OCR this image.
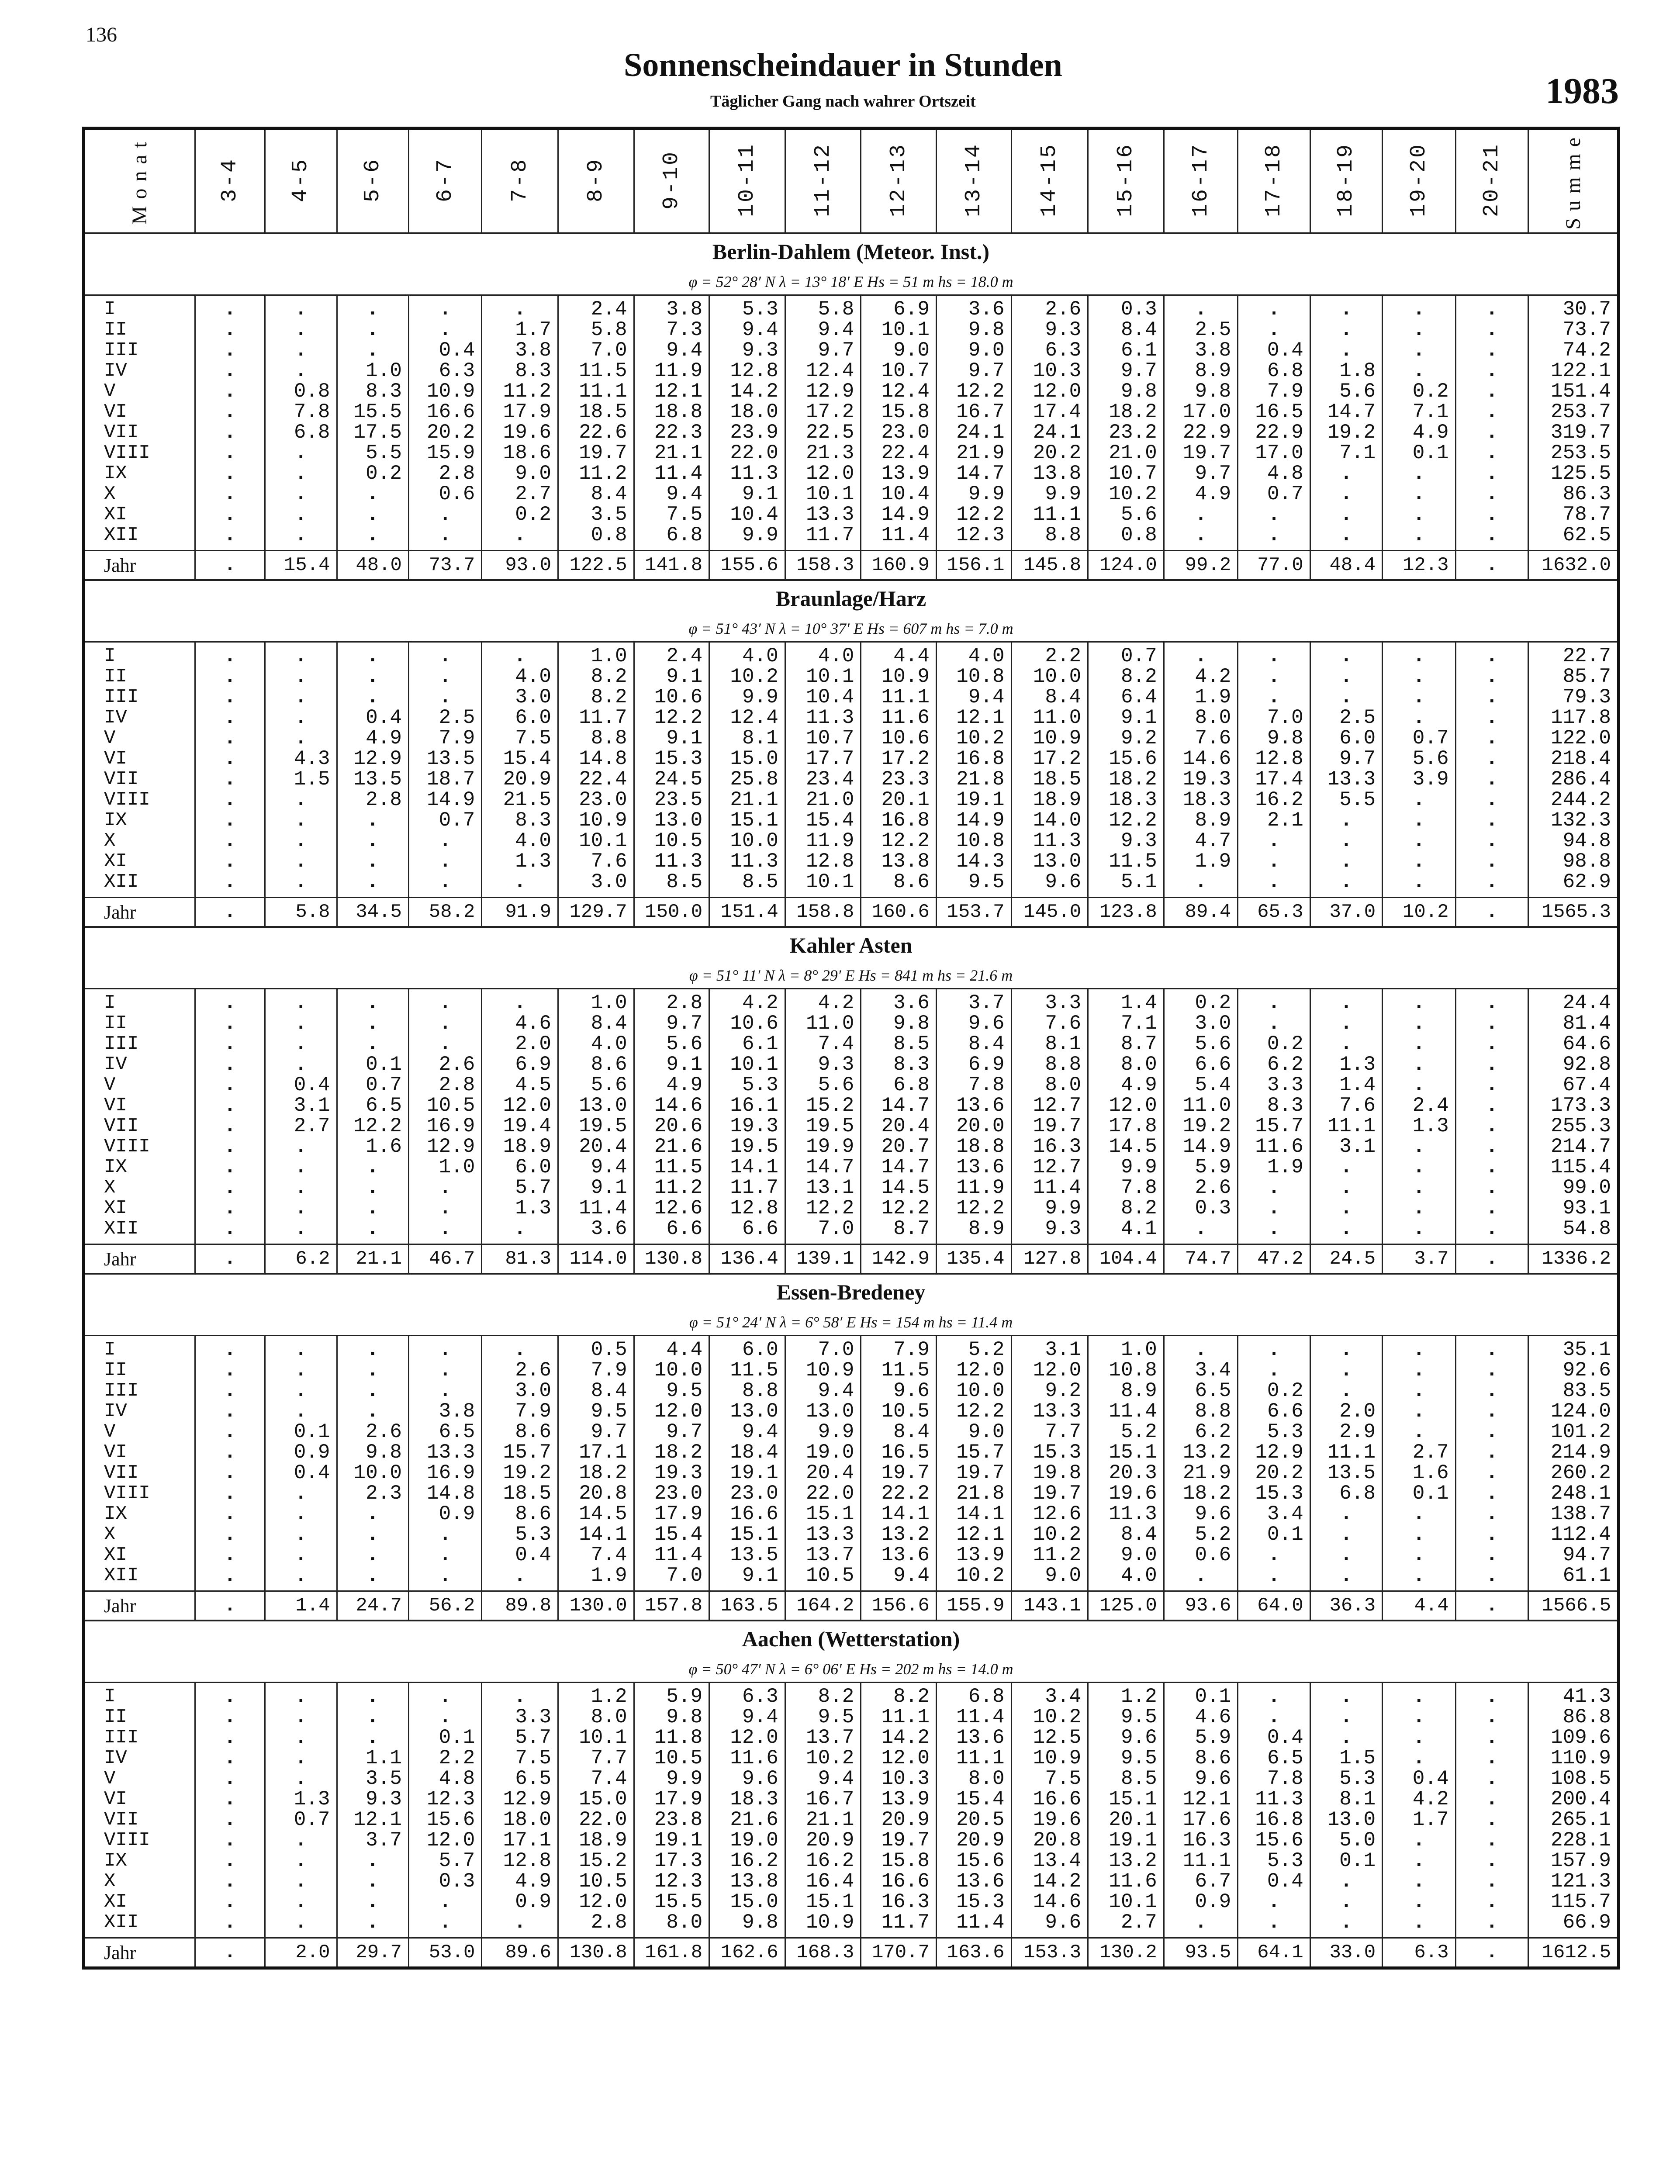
136
Sonnenscheindauer in Stunden
Täglicher Gang nach wahrer Ortszeit	1983
Monat	3-4	4-5	5-6	6-7	7-8	8-9	9-10	10-11	11-12	12-13	13-14	14-15	15-16	16-17	17-18	18-19	19-20	20-21	Summe
Berlin-Dahlem (Meteor. Inst.)																			
φ = 52° 28′ N λ = 13° 18′ E Hs = 51 m hs = 18.0 m																			
I	.	.	.	.	.	2.4	3.8	5.3	5.8	6.9	3.6	2.6	0.3	.	.	.	.	.	30.7
II	.	.	.	.	1.7	5.8	7.3	9.4	9.4	10.1	9.8	9.3	8.4	2.5	.	.	.	.	73.7
III	.	.	.	0.4	3.8	7.0	9.4	9.3	9.7	9.0	9.0	6.3	6.1	3.8	0.4	.	.	.	74.2
IV	.	.	1.0	6.3	8.3	11.5	11.9	12.8	12.4	10.7	9.7	10.3	9.7	8.9	6.8	1.8	.	.	122.1
V	.	0.8	8.3	10.9	11.2	11.1	12.1	14.2	12.9	12.4	12.2	12.0	9.8	9.8	7.9	5.6	0.2	.	151.4
VI	.	7.8	15.5	16.6	17.9	18.5	18.8	18.0	17.2	15.8	16.7	17.4	18.2	17.0	16.5	14.7	7.1	.	253.7
VII	.	6.8	17.5	20.2	19.6	22.6	22.3	23.9	22.5	23.0	24.1	24.1	23.2	22.9	22.9	19.2	4.9	.	319.7
VIII	.	.	5.5	15.9	18.6	19.7	21.1	22.0	21.3	22.4	21.9	20.2	21.0	19.7	17.0	7.1	0.1	.	253.5
IX	.	.	0.2	2.8	9.0	11.2	11.4	11.3	12.0	13.9	14.7	13.8	10.7	9.7	4.8	.	.	.	125.5
X	.	.	.	0.6	2.7	8.4	9.4	9.1	10.1	10.4	9.9	9.9	10.2	4.9	0.7	.	.	.	86.3
XI	.	.	.	.	0.2	3.5	7.5	10.4	13.3	14.9	12.2	11.1	5.6	.	.	.	.	.	78.7
XII	.	.	.	.	.	0.8	6.8	9.9	11.7	11.4	12.3	8.8	0.8	.	.	.	.	.	62.5
Jahr	.	15.4	48.0	73.7	93.0	122.5	141.8	155.6	158.3	160.9	156.1	145.8	124.0	99.2	77.0	48.4	12.3	.	1632.0
Braunlage/Harz																			
φ = 51° 43′ N λ = 10° 37′ E Hs = 607 m hs = 7.0 m																			
I	.	.	.	.	.	1.0	2.4	4.0	4.0	4.4	4.0	2.2	0.7	.	.	.	.	.	22.7
II	.	.	.	.	4.0	8.2	9.1	10.2	10.1	10.9	10.8	10.0	8.2	4.2	.	.	.	.	85.7
III	.	.	.	.	3.0	8.2	10.6	9.9	10.4	11.1	9.4	8.4	6.4	1.9	.	.	.	.	79.3
IV	.	.	0.4	2.5	6.0	11.7	12.2	12.4	11.3	11.6	12.1	11.0	9.1	8.0	7.0	2.5	.	.	117.8
V	.	.	4.9	7.9	7.5	8.8	9.1	8.1	10.7	10.6	10.2	10.9	9.2	7.6	9.8	6.0	0.7	.	122.0
VI	.	4.3	12.9	13.5	15.4	14.8	15.3	15.0	17.7	17.2	16.8	17.2	15.6	14.6	12.8	9.7	5.6	.	218.4
VII	.	1.5	13.5	18.7	20.9	22.4	24.5	25.8	23.4	23.3	21.8	18.5	18.2	19.3	17.4	13.3	3.9	.	286.4
VIII	.	.	2.8	14.9	21.5	23.0	23.5	21.1	21.0	20.1	19.1	18.9	18.3	18.3	16.2	5.5	.	.	244.2
IX	.	.	.	0.7	8.3	10.9	13.0	15.1	15.4	16.8	14.9	14.0	12.2	8.9	2.1	.	.	.	132.3
X	.	.	.	.	4.0	10.1	10.5	10.0	11.9	12.2	10.8	11.3	9.3	4.7	.	.	.	.	94.8
XI	.	.	.	.	1.3	7.6	11.3	11.3	12.8	13.8	14.3	13.0	11.5	1.9	.	.	.	.	98.8
XII	.	.	.	.	.	3.0	8.5	8.5	10.1	8.6	9.5	9.6	5.1	.	.	.	.	.	62.9
Jahr	.	5.8	34.5	58.2	91.9	129.7	150.0	151.4	158.8	160.6	153.7	145.0	123.8	89.4	65.3	37.0	10.2	.	1565.3
Kahler Asten																			
φ = 51° 11′ N λ = 8° 29′ E Hs = 841 m hs = 21.6 m																			
I	.	.	.	.	.	1.0	2.8	4.2	4.2	3.6	3.7	3.3	1.4	0.2	.	.	.	.	24.4
II	.	.	.	.	4.6	8.4	9.7	10.6	11.0	9.8	9.6	7.6	7.1	3.0	.	.	.	.	81.4
III	.	.	.	.	2.0	4.0	5.6	6.1	7.4	8.5	8.4	8.1	8.7	5.6	0.2	.	.	.	64.6
IV	.	.	0.1	2.6	6.9	8.6	9.1	10.1	9.3	8.3	6.9	8.8	8.0	6.6	6.2	1.3	.	.	92.8
V	.	0.4	0.7	2.8	4.5	5.6	4.9	5.3	5.6	6.8	7.8	8.0	4.9	5.4	3.3	1.4	.	.	67.4
VI	.	3.1	6.5	10.5	12.0	13.0	14.6	16.1	15.2	14.7	13.6	12.7	12.0	11.0	8.3	7.6	2.4	.	173.3
VII	.	2.7	12.2	16.9	19.4	19.5	20.6	19.3	19.5	20.4	20.0	19.7	17.8	19.2	15.7	11.1	1.3	.	255.3
VIII	.	.	1.6	12.9	18.9	20.4	21.6	19.5	19.9	20.7	18.8	16.3	14.5	14.9	11.6	3.1	.	.	214.7
IX	.	.	.	1.0	6.0	9.4	11.5	14.1	14.7	14.7	13.6	12.7	9.9	5.9	1.9	.	.	.	115.4
X	.	.	.	.	5.7	9.1	11.2	11.7	13.1	14.5	11.9	11.4	7.8	2.6	.	.	.	.	99.0
XI	.	.	.	.	1.3	11.4	12.6	12.8	12.2	12.2	12.2	9.9	8.2	0.3	.	.	.	.	93.1
XII	.	.	.	.	.	3.6	6.6	6.6	7.0	8.7	8.9	9.3	4.1	.	.	.	.	.	54.8
Jahr	.	6.2	21.1	46.7	81.3	114.0	130.8	136.4	139.1	142.9	135.4	127.8	104.4	74.7	47.2	24.5	3.7	.	1336.2
Essen-Bredeney																			
φ = 51° 24′ N λ = 6° 58′ E Hs = 154 m hs = 11.4 m																			
I	.	.	.	.	.	0.5	4.4	6.0	7.0	7.9	5.2	3.1	1.0	.	.	.	.	.	35.1
II	.	.	.	.	2.6	7.9	10.0	11.5	10.9	11.5	12.0	12.0	10.8	3.4	.	.	.	.	92.6
III	.	.	.	.	3.0	8.4	9.5	8.8	9.4	9.6	10.0	9.2	8.9	6.5	0.2	.	.	.	83.5
IV	.	.	.	3.8	7.9	9.5	12.0	13.0	13.0	10.5	12.2	13.3	11.4	8.8	6.6	2.0	.	.	124.0
V	.	0.1	2.6	6.5	8.6	9.7	9.7	9.4	9.9	8.4	9.0	7.7	5.2	6.2	5.3	2.9	.	.	101.2
VI	.	0.9	9.8	13.3	15.7	17.1	18.2	18.4	19.0	16.5	15.7	15.3	15.1	13.2	12.9	11.1	2.7	.	214.9
VII	.	0.4	10.0	16.9	19.2	18.2	19.3	19.1	20.4	19.7	19.7	19.8	20.3	21.9	20.2	13.5	1.6	.	260.2
VIII	.	.	2.3	14.8	18.5	20.8	23.0	23.0	22.0	22.2	21.8	19.7	19.6	18.2	15.3	6.8	0.1	.	248.1
IX	.	.	.	0.9	8.6	14.5	17.9	16.6	15.1	14.1	14.1	12.6	11.3	9.6	3.4	.	.	.	138.7
X	.	.	.	.	5.3	14.1	15.4	15.1	13.3	13.2	12.1	10.2	8.4	5.2	0.1	.	.	.	112.4
XI	.	.	.	.	0.4	7.4	11.4	13.5	13.7	13.6	13.9	11.2	9.0	0.6	.	.	.	.	94.7
XII	.	.	.	.	.	1.9	7.0	9.1	10.5	9.4	10.2	9.0	4.0	.	.	.	.	.	61.1
Jahr	.	1.4	24.7	56.2	89.8	130.0	157.8	163.5	164.2	156.6	155.9	143.1	125.0	93.6	64.0	36.3	4.4	.	1566.5
Aachen (Wetterstation)																			
φ = 50° 47′ N λ = 6° 06′ E Hs = 202 m hs = 14.0 m																			
I	.	.	.	.	.	1.2	5.9	6.3	8.2	8.2	6.8	3.4	1.2	0.1	.	.	.	.	41.3
II	.	.	.	.	3.3	8.0	9.8	9.4	9.5	11.1	11.4	10.2	9.5	4.6	.	.	.	.	86.8
III	.	.	.	0.1	5.7	10.1	11.8	12.0	13.7	14.2	13.6	12.5	9.6	5.9	0.4	.	.	.	109.6
IV	.	.	1.1	2.2	7.5	7.7	10.5	11.6	10.2	12.0	11.1	10.9	9.5	8.6	6.5	1.5	.	.	110.9
V	.	.	3.5	4.8	6.5	7.4	9.9	9.6	9.4	10.3	8.0	7.5	8.5	9.6	7.8	5.3	0.4	.	108.5
VI	.	1.3	9.3	12.3	12.9	15.0	17.9	18.3	16.7	13.9	15.4	16.6	15.1	12.1	11.3	8.1	4.2	.	200.4
VII	.	0.7	12.1	15.6	18.0	22.0	23.8	21.6	21.1	20.9	20.5	19.6	20.1	17.6	16.8	13.0	1.7	.	265.1
VIII	.	.	3.7	12.0	17.1	18.9	19.1	19.0	20.9	19.7	20.9	20.8	19.1	16.3	15.6	5.0	.	.	228.1
IX	.	.	.	5.7	12.8	15.2	17.3	16.2	16.2	15.8	15.6	13.4	13.2	11.1	5.3	0.1	.	.	157.9
X	.	.	.	0.3	4.9	10.5	12.3	13.8	16.4	16.6	13.6	14.2	11.6	6.7	0.4	.	.	.	121.3
XI	.	.	.	.	0.9	12.0	15.5	15.0	15.1	16.3	15.3	14.6	10.1	0.9	.	.	.	.	115.7
XII	.	.	.	.	.	2.8	8.0	9.8	10.9	11.7	11.4	9.6	2.7	.	.	.	.	.	66.9
Jahr	.	2.0	29.7	53.0	89.6	130.8	161.8	162.6	168.3	170.7	163.6	153.3	130.2	93.5	64.1	33.0	6.3	.	1612.5
